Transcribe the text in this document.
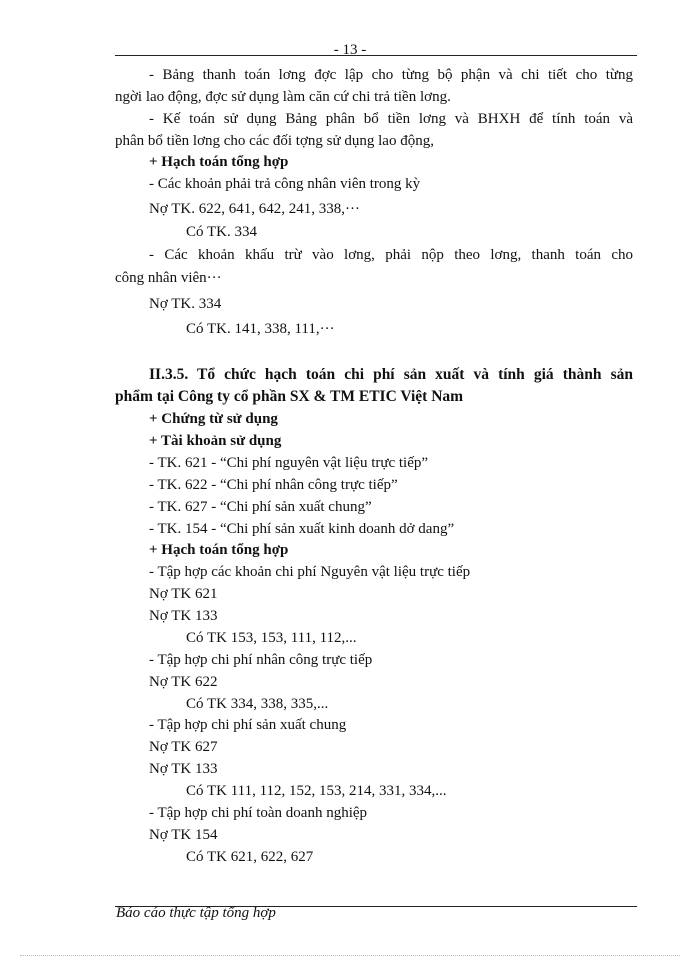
- 13 -
- Bảng thanh toán lơng đợc lập cho từng bộ phận và chi tiết cho từng
ngời lao động, đợc sử dụng làm căn cứ chi trả tiền lơng.
- Kế toán sử dụng Bảng phân bổ tiền lơng và BHXH để tính toán và
phân bổ tiền lơng cho các đối tợng sử dụng lao động,
+ Hạch toán tổng hợp
- Các khoản phải trả công nhân viên trong kỳ
Nợ TK. 622, 641, 642, 241, 338,···
Có TK. 334
- Các khoản khấu trừ vào lơng, phải nộp theo lơng, thanh toán cho
công nhân viên···
Nợ TK. 334
Có TK. 141, 338, 111,···
II.3.5. Tổ chức hạch toán chi phí sản xuất và tính giá thành sản
phẩm tại Công ty cổ phần SX & TM ETIC Việt Nam
+ Chứng từ sử dụng
+ Tài khoản sử dụng
- TK. 621 - “Chi phí nguyên vật liệu trực tiếp”
- TK. 622 - “Chi phí nhân công trực tiếp”
- TK. 627 - “Chi phí sản xuất chung”
- TK. 154 - “Chi phí sản xuất kinh doanh dở dang”
+ Hạch toán tổng hợp
- Tập hợp các khoản chi phí Nguyên vật liệu trực tiếp
Nợ TK 621
Nợ TK 133
Có TK 153, 153, 111, 112,...
- Tập hợp chi phí nhân công trực tiếp
Nợ TK 622
Có TK 334, 338, 335,...
- Tập hợp chi phí sản xuất chung
Nợ TK 627
Nợ TK 133
Có TK 111, 112, 152, 153, 214, 331, 334,...
- Tập hợp chi phí toàn doanh nghiệp
Nợ TK 154
Có TK 621, 622, 627
Báo cáo thực tập tổng hợp
